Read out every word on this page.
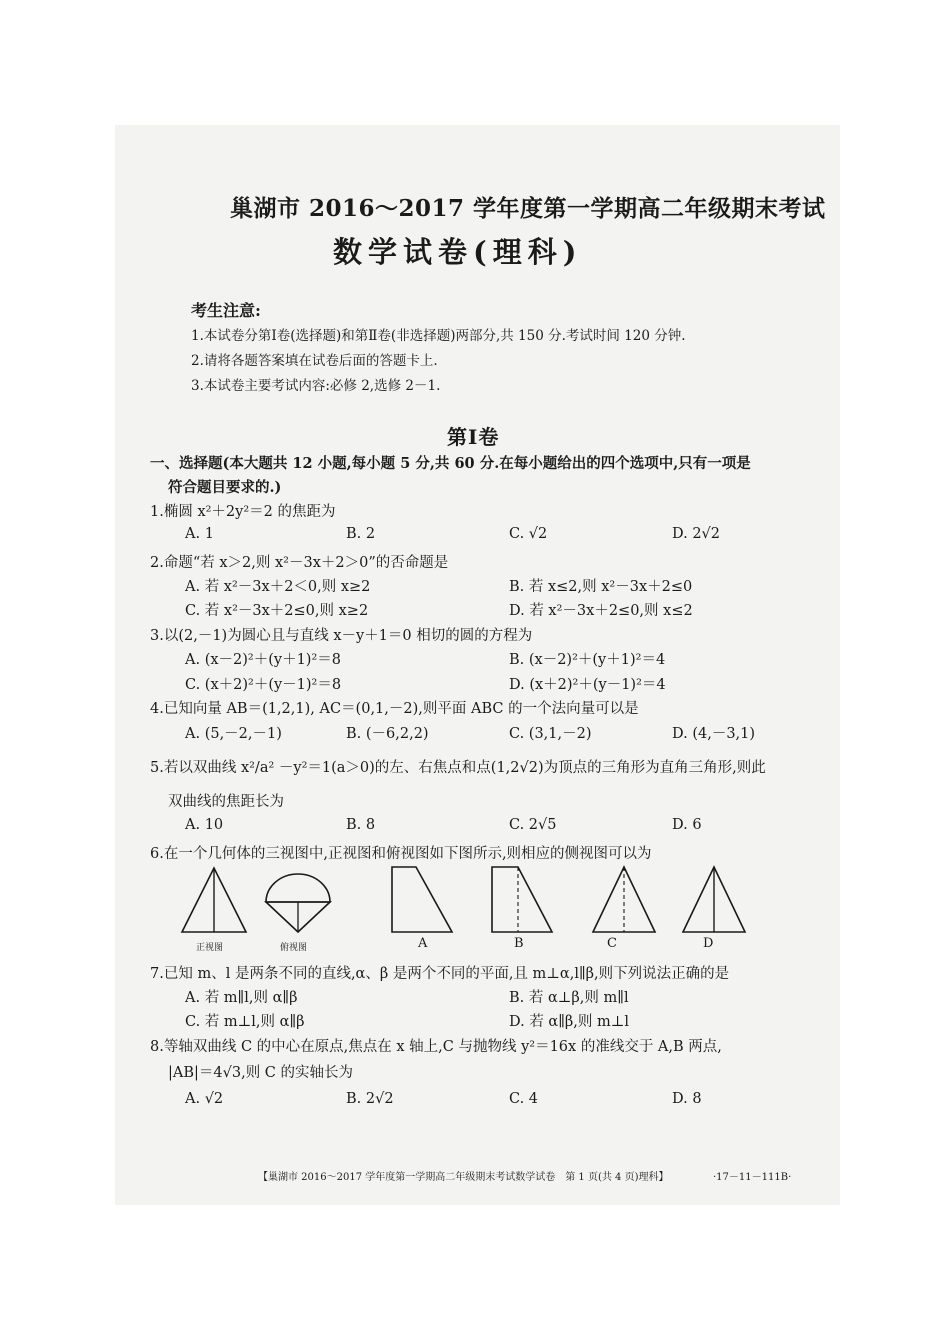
巢湖市 2016～2017 学年度第一学期高二年级期末考试
数学试卷(理科)
考生注意:
1.本试卷分第Ⅰ卷(选择题)和第Ⅱ卷(非选择题)两部分,共 150 分.考试时间 120 分钟.
2.请将各题答案填在试卷后面的答题卡上.
3.本试卷主要考试内容:必修 2,选修 2－1.
第Ⅰ卷
一、选择题(本大题共 12 小题,每小题 5 分,共 60 分.在每小题给出的四个选项中,只有一项是
符合题目要求的.)
1.椭圆 x²＋2y²＝2 的焦距为
A. 1	B. 2	C. √2	D. 2√2
2.命题“若 x＞2,则 x²－3x＋2＞0”的否命题是
A. 若 x²－3x＋2＜0,则 x≥2	B. 若 x≤2,则 x²－3x＋2≤0
C. 若 x²－3x＋2≤0,则 x≥2	D. 若 x²－3x＋2≤0,则 x≤2
3.以(2,－1)为圆心且与直线 x－y＋1＝0 相切的圆的方程为
A. (x－2)²＋(y＋1)²＝8	B. (x－2)²＋(y＋1)²＝4
C. (x＋2)²＋(y－1)²＝8	D. (x＋2)²＋(y－1)²＝4
4.已知向量 AB＝(1,2,1), AC＝(0,1,－2),则平面 ABC 的一个法向量可以是
A. (5,－2,－1)	B. (－6,2,2)	C. (3,1,－2)	D. (4,－3,1)
5.若以双曲线 x²/a² －y²＝1(a＞0)的左、右焦点和点(1,2√2)为顶点的三角形为直角三角形,则此
双曲线的焦距长为
A. 10	B. 8	C. 2√5	D. 6
6.在一个几何体的三视图中,正视图和俯视图如下图所示,则相应的侧视图可以为
正视图	俯视图	A	B	C	D
7.已知 m、l 是两条不同的直线,α、β 是两个不同的平面,且 m⊥α,l∥β,则下列说法正确的是
A. 若 m∥l,则 α∥β	B. 若 α⊥β,则 m∥l
C. 若 m⊥l,则 α∥β	D. 若 α∥β,则 m⊥l
8.等轴双曲线 C 的中心在原点,焦点在 x 轴上,C 与抛物线 y²＝16x 的准线交于 A,B 两点,
|AB|＝4√3,则 C 的实轴长为
A. √2	B. 2√2	C. 4	D. 8
【巢湖市 2016～2017 学年度第一学期高二年级期末考试数学试卷　第 1 页(共 4 页)理科】	·17－11－111B·
